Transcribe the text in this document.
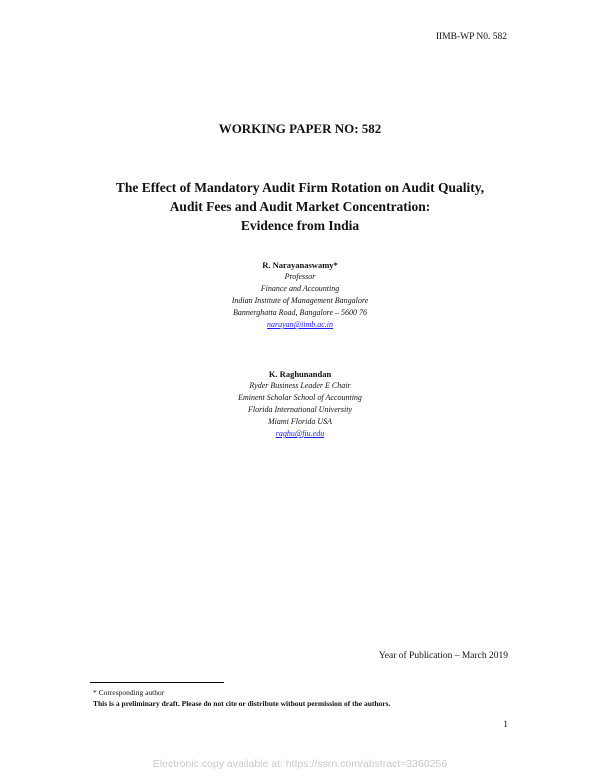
IIMB-WP N0. 582
WORKING PAPER NO: 582
The Effect of Mandatory Audit Firm Rotation on Audit Quality,
Audit Fees and Audit Market Concentration:
Evidence from India
R. Narayanaswamy*
Professor
Finance and Accounting
Indian Institute of Management Bangalore
Bannerghatta Road, Bangalore – 5600 76
narayan@iimb.ac.in
K. Raghunandan
Ryder Business Leader E Chair
Eminent Scholar School of Accounting
Florida International University
Miami Florida USA
raghu@fiu.edu
Year of Publication – March 2019
* Corresponding author
This is a preliminary draft. Please do not cite or distribute without permission of the authors.
1
Electronic copy available at: https://ssrn.com/abstract=3360256
